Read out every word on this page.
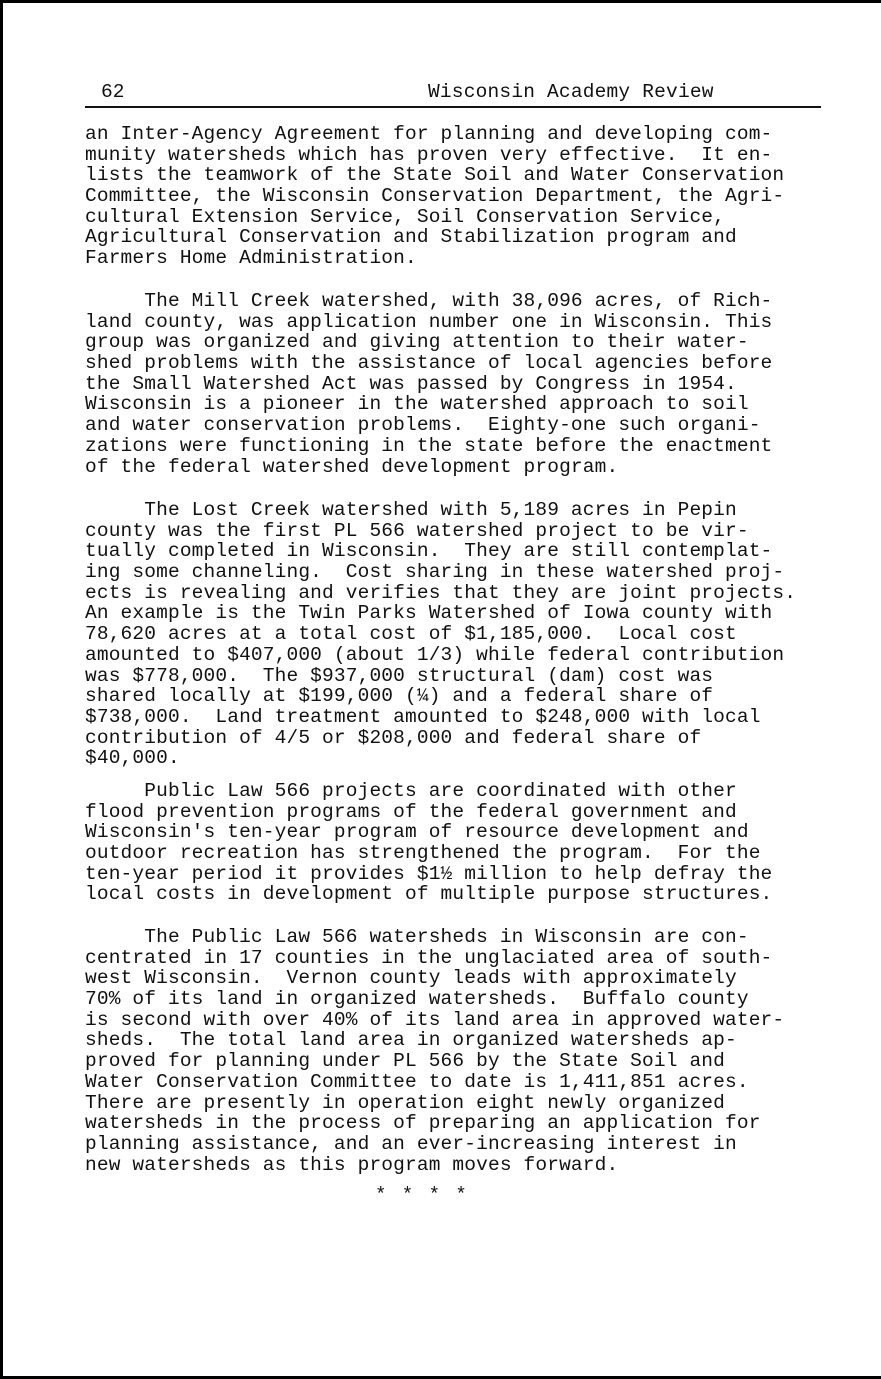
62	Wisconsin Academy Review
an Inter-Agency Agreement for planning and developing com-
munity watersheds which has proven very effective.  It en-
lists the teamwork of the State Soil and Water Conservation
Committee, the Wisconsin Conservation Department, the Agri-
cultural Extension Service, Soil Conservation Service,
Agricultural Conservation and Stabilization program and
Farmers Home Administration.
The Mill Creek watershed, with 38,096 acres, of Rich-
land county, was application number one in Wisconsin. This
group was organized and giving attention to their water-
shed problems with the assistance of local agencies before
the Small Watershed Act was passed by Congress in 1954.
Wisconsin is a pioneer in the watershed approach to soil
and water conservation problems.  Eighty-one such organi-
zations were functioning in the state before the enactment
of the federal watershed development program.
The Lost Creek watershed with 5,189 acres in Pepin
county was the first PL 566 watershed project to be vir-
tually completed in Wisconsin.  They are still contemplat-
ing some channeling.  Cost sharing in these watershed proj-
ects is revealing and verifies that they are joint projects.
An example is the Twin Parks Watershed of Iowa county with
78,620 acres at a total cost of $1,185,000.  Local cost
amounted to $407,000 (about 1/3) while federal contribution
was $778,000.  The $937,000 structural (dam) cost was
shared locally at $199,000 (¼) and a federal share of
$738,000.  Land treatment amounted to $248,000 with local
contribution of 4/5 or $208,000 and federal share of
$40,000.
Public Law 566 projects are coordinated with other
flood prevention programs of the federal government and
Wisconsin's ten-year program of resource development and
outdoor recreation has strengthened the program.  For the
ten-year period it provides $1½ million to help defray the
local costs in development of multiple purpose structures.
The Public Law 566 watersheds in Wisconsin are con-
centrated in 17 counties in the unglaciated area of south-
west Wisconsin.  Vernon county leads with approximately
70% of its land in organized watersheds.  Buffalo county
is second with over 40% of its land area in approved water-
sheds.  The total land area in organized watersheds ap-
proved for planning under PL 566 by the State Soil and
Water Conservation Committee to date is 1,411,851 acres.
There are presently in operation eight newly organized
watersheds in the process of preparing an application for
planning assistance, and an ever-increasing interest in
new watersheds as this program moves forward.
* * * *
